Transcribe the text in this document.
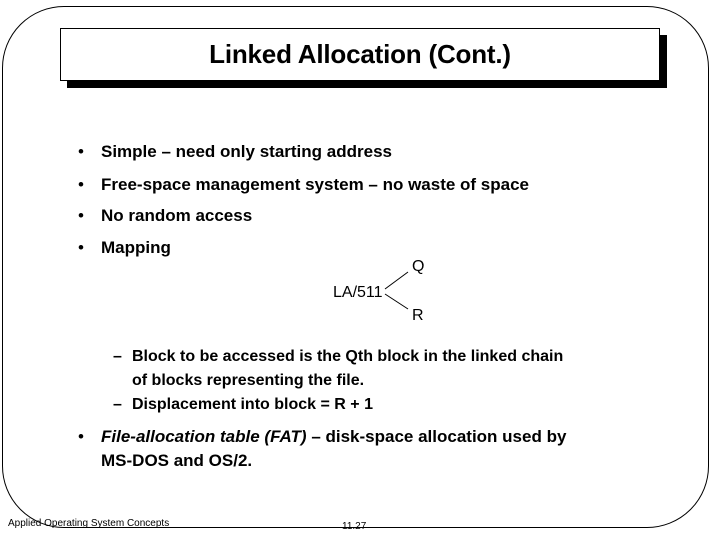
Linked Allocation (Cont.)
• Simple – need only starting address
• Free-space management system – no waste of space
• No random access
• Mapping
LA/511
Q
R
– Block to be accessed is the Qth block in the linked chain
of blocks representing the file.
– Displacement into block = R + 1
• File-allocation table (FAT) – disk-space allocation used by
MS-DOS and OS/2.
Applied Operating System Concepts	11.27
